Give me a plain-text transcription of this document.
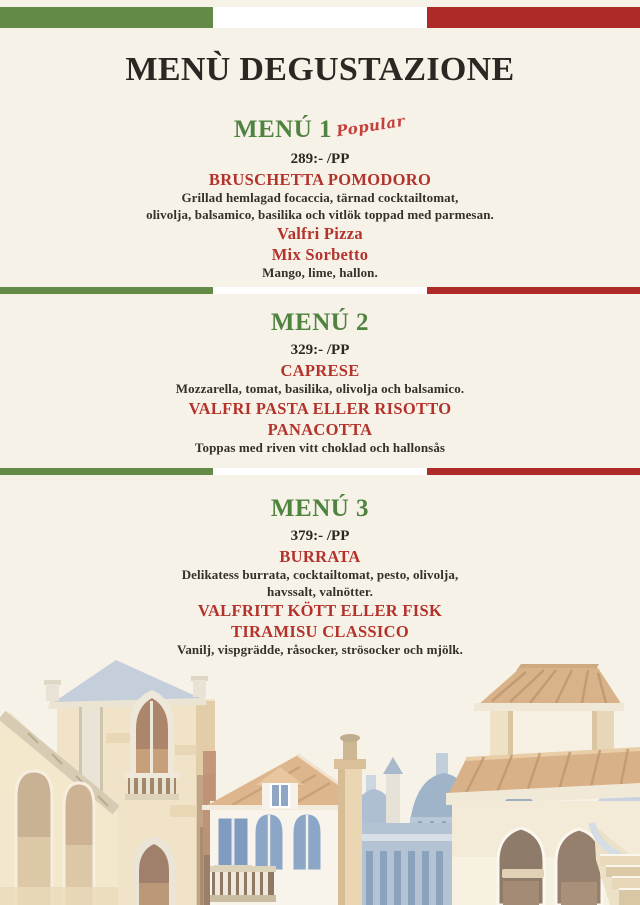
MENÙ DEGUSTAZIONE
MENÚ 1 Popular
289:- /PP

BRUSCHETTA POMODORO

Grillad hemlagad focaccia, tärnad cocktailtomat,

olivolja, balsamico, basilika och vitlök toppad med parmesan.

Valfri Pizza

Mix Sorbetto

Mango, lime, hallon.

MENÚ 2
329:- /PP

CAPRESE

Mozzarella, tomat, basilika, olivolja och balsamico.

VALFRI PASTA ELLER RISOTTO

PANACOTTA

Toppas med riven vitt choklad och hallonsås

MENÚ 3
379:- /PP

BURRATA

Delikatess burrata, cocktailtomat, pesto, olivolja,

havssalt, valnötter.

VALFRITT KÖTT ELLER FISK

TIRAMISU CLASSICO

Vanilj, vispgrädde, råsocker, strösocker och mjölk.
